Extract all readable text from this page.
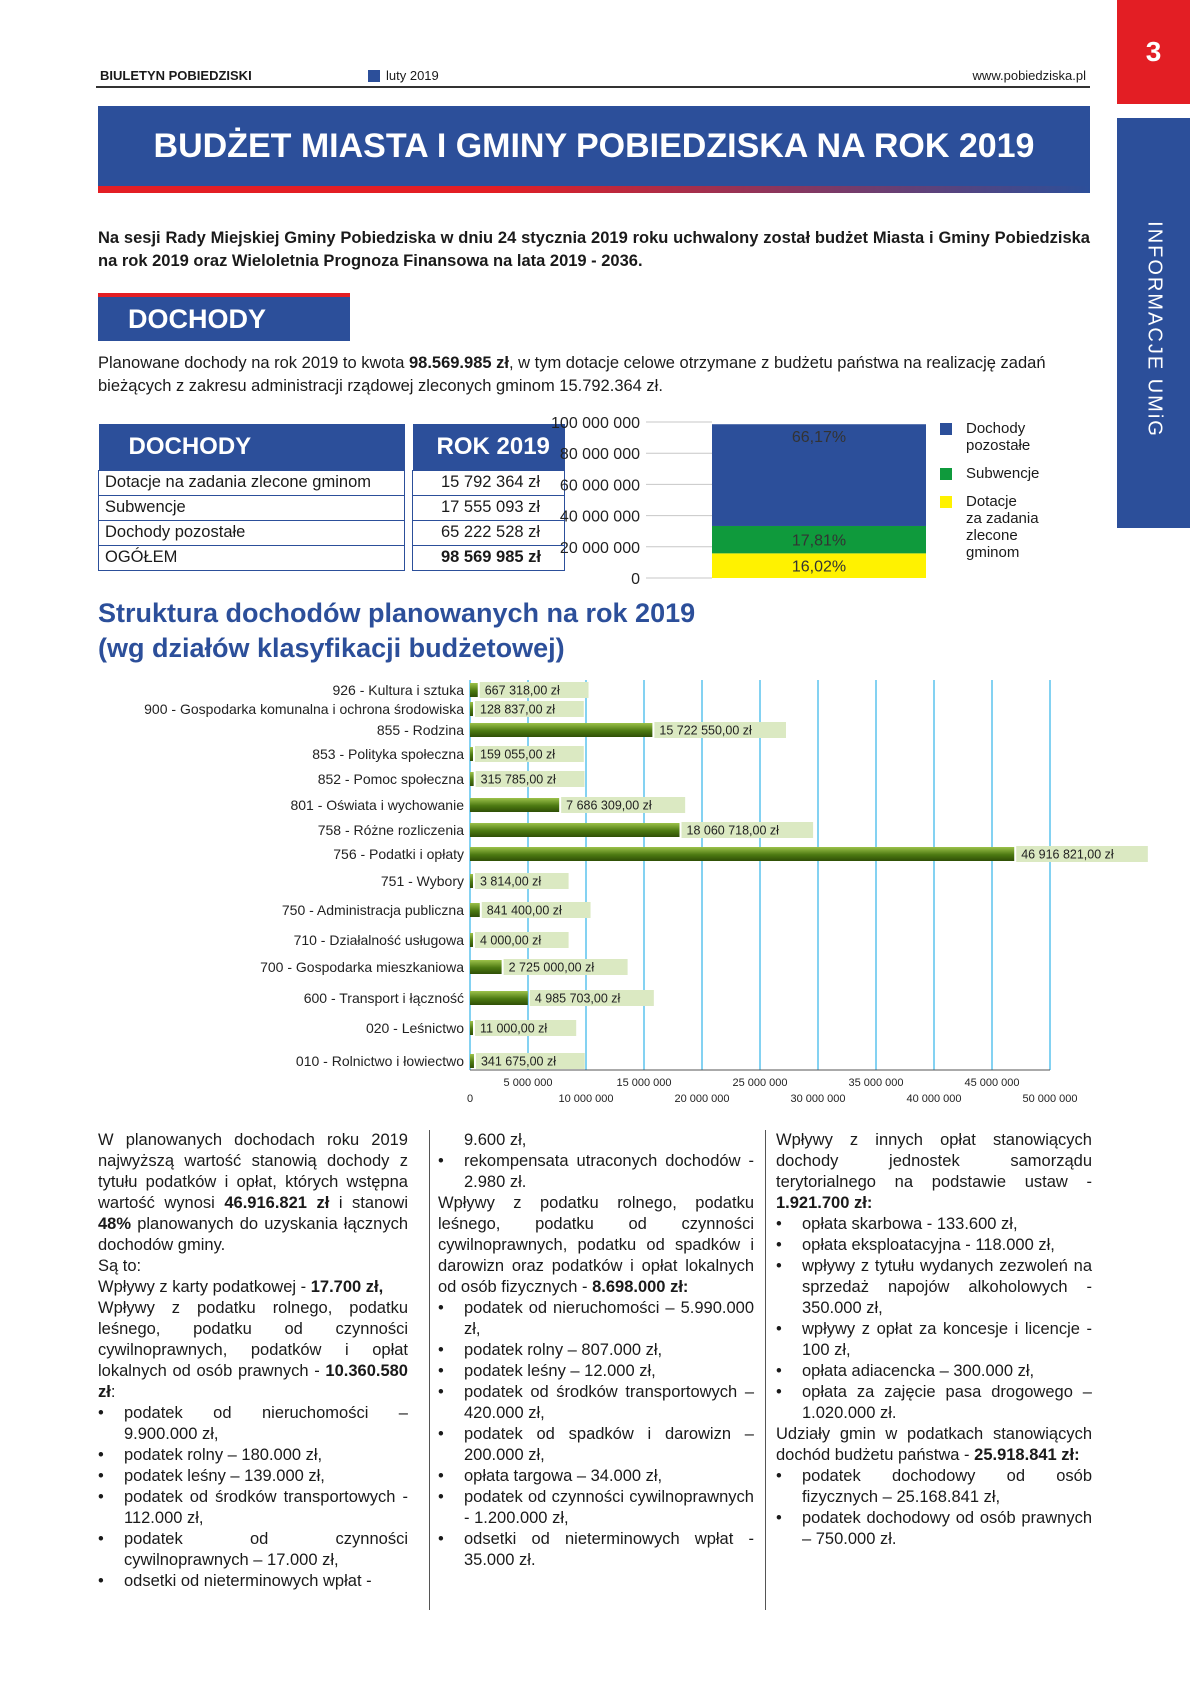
BIULETYN POBIEDZISKI	luty 2019	www.pobiedziska.pl
3
INFORMACJE UMiG
BUDŻET MIASTA I GMINY POBIEDZISKA NA ROK 2019

Na sesji Rady Miejskiej Gminy Pobiedziska w dniu 24 stycznia 2019 roku uchwalony został budżet Miasta i Gminy Pobiedziska na rok 2019 oraz Wieloletnia Prognoza Finansowa na lata 2019 - 2036.

DOCHODY

Planowane dochody na rok 2019 to kwota 98.569.985 zł, w tym dotacje celowe otrzymane z budżetu państwa na realizację zadań bieżących z zakresu administracji rządowej zleconych gminom 15.792.364 zł.

DOCHODY		ROK 2019
Dotacje na zadania zlecone gminom		15 792 364 zł
Subwencje		17 555 093 zł
Dochody pozostałe		65 222 528 zł
OGÓŁEM		98 569 985 zł
0
20 000 000
40 000 000
60 000 000
80 000 000
100 000 000
16,02%
17,81%
66,17%
Dochody
pozostałe
Subwencje
Dotacje
za zadania
zlecone
gminom
Struktura dochodów planowanych na rok 2019
(wg działów klasyfikacji budżetowej)
926 - Kultura i sztuka 667 318,00 zł
900 - Gospodarka komunalna i ochrona środowiska 128 837,00 zł
855 - Rodzina	15 722 550,00 zł
853 - Polityka społeczna 159 055,00 zł
852 - Pomoc społeczna 315 785,00 zł
801 - Oświata i wychowanie	7 686 309,00 zł
758 - Różne rozliczenia	18 060 718,00 zł
756 - Podatki i opłaty	46 916 821,00 zł
751 - Wybory 3 814,00 zł
750 - Administracja publiczna 841 400,00 zł
710 - Działalność usługowa 4 000,00 zł
700 - Gospodarka mieszkaniowa	2 725 000,00 zł
600 - Transport i łączność	4 985 703,00 zł
020 - Leśnictwo 11 000,00 zł
010 - Rolnictwo i łowiectwo 341 675,00 zł
5 000 000	15 000 000	25 000 000	35 000 000	45 000 000
0	10 000 000	20 000 000	30 000 000	40 000 000	50 000 000

W planowanych dochodach roku 2019 najwyższą wartość stanowią dochody z tytułu podatków i opłat, których wstępna wartość wynosi 46.916.821 zł i stanowi 48% planowanych do uzyskania łącznych dochodów gminy.

Są to:

Wpływy z karty podatkowej - 17.700 zł,

Wpływy z podatku rolnego, podatku leśnego, podatku od czynności cywilnoprawnych, podatków i opłat lokalnych od osób prawnych - 10.360.580 zł:

• podatek od nieruchomości – 9.900.000 zł,
• podatek rolny – 180.000 zł,
• podatek leśny – 139.000 zł,
• podatek od środków transportowych - 112.000 zł,
• podatek od czynności cywilnoprawnych – 17.000 zł,
• odsetki od nieterminowych wpłat -

9.600 zł,

• rekompensata utraconych dochodów - 2.980 zł.

Wpływy z podatku rolnego, podatku leśnego, podatku od czynności cywilnoprawnych, podatku od spadków i darowizn oraz podatków i opłat lokalnych od osób fizycznych - 8.698.000 zł:

• podatek od nieruchomości – 5.990.000 zł,
• podatek rolny – 807.000 zł,
• podatek leśny – 12.000 zł,
• podatek od środków transportowych – 420.000 zł,
• podatek od spadków i darowizn – 200.000 zł,
• opłata targowa – 34.000 zł,
• podatek od czynności cywilnoprawnych - 1.200.000 zł,
• odsetki od nieterminowych wpłat - 35.000 zł.

Wpływy z innych opłat stanowiących dochody jednostek samorządu terytorialnego na podstawie ustaw - 1.921.700 zł:

• opłata skarbowa - 133.600 zł,
• opłata eksploatacyjna - 118.000 zł,
• wpływy z tytułu wydanych zezwoleń na sprzedaż napojów alkoholowych - 350.000 zł,
• wpływy z opłat za koncesje i licencje - 100 zł,
• opłata adiacencka – 300.000 zł,
• opłata za zajęcie pasa drogowego – 1.020.000 zł.

Udziały gmin w podatkach stanowiących dochód budżetu państwa - 25.918.841 zł:

• podatek dochodowy od osób fizycznych – 25.168.841 zł,
• podatek dochodowy od osób prawnych – 750.000 zł.
